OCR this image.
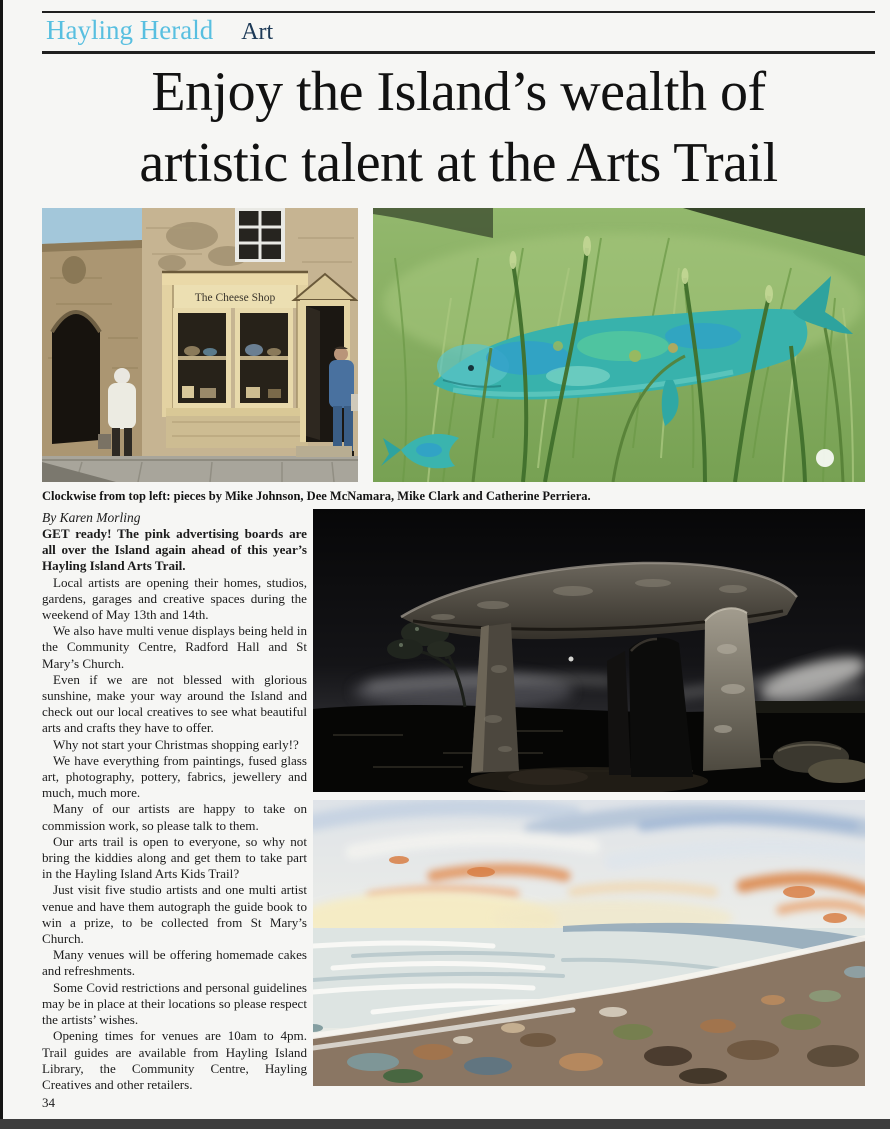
Hayling Herald Art
Enjoy the Island’s wealth of
artistic talent at the Arts Trail
The Cheese Shop
Clockwise from top left: pieces by Mike Johnson, Dee McNamara, Mike Clark and Catherine Perriera.
By Karen Morling

GET ready! The pink advertising boards are all over the Island again ahead of this year’s Hayling Island Arts Trail.

Local artists are opening their homes, studios, gardens, garages and creative spaces during the weekend of May 13th and 14th.

We also have multi venue displays being held in the Community Centre, Radford Hall and St Mary’s Church.

Even if we are not blessed with glorious sunshine, make your way around the Island and check out our local creatives to see what beautiful arts and crafts they have to offer.

Why not start your Christmas shopping early!?

We have everything from paintings, fused glass art, photography, pottery, fabrics, jewellery and much, much more.

Many of our artists are happy to take on commission work, so please talk to them.

Our arts trail is open to everyone, so why not bring the kiddies along and get them to take part in the Hayling Island Arts Kids Trail?

Just visit five studio artists and one multi artist venue and have them autograph the guide book to win a prize, to be collected from St Mary’s Church.

Many venues will be offering homemade cakes and refreshments.

Some Covid restrictions and personal guidelines may be in place at their locations so please respect the artists’ wishes.

Opening times for venues are 10am to 4pm. Trail guides are available from Hayling Island Library, the Community Centre, Hayling Creatives and other retailers.

34
